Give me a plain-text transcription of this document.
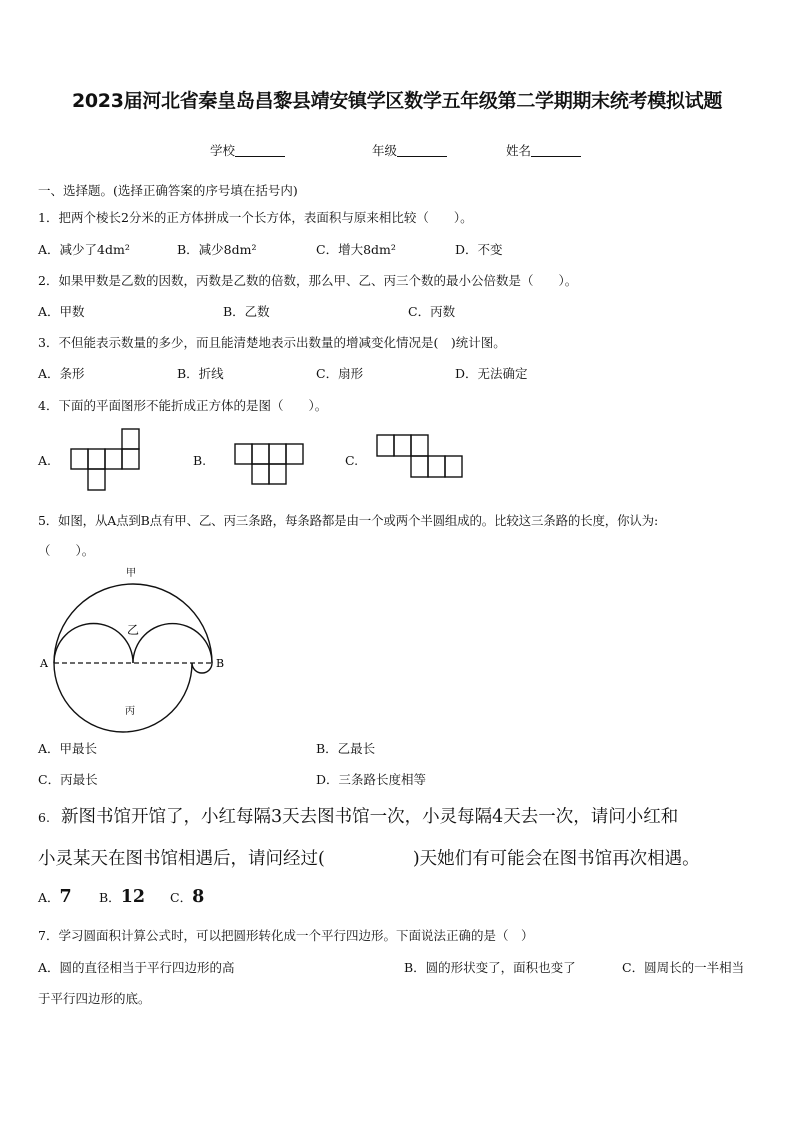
2023届河北省秦皇岛昌黎县靖安镇学区数学五年级第二学期期末统考模拟试题
学校	年级	姓名
一、选择题。(选择正确答案的序号填在括号内)
1．把两个棱长2分米的正方体拼成一个长方体，表面积与原来相比较（　　）。
A．减少了4dm²	B．减少8dm²	C．增大8dm²	D．不变
2．如果甲数是乙数的因数，丙数是乙数的倍数，那么甲、乙、丙三个数的最小公倍数是（　　）。
A．甲数	B．乙数	C．丙数
3．不但能表示数量的多少，而且能清楚地表示出数量的增减变化情况是(　)统计图。
A．条形	B．折线	C．扇形	D．无法确定
4．下面的平面图形不能折成正方体的是图（　　）。
A.	B.	C.
5．如图，从A点到B点有甲、乙、丙三条路，每条路都是由一个或两个半圆组成的。比较这三条路的长度，你认为:
（　　）。
甲
乙
丙
A	B
A．甲最长	B．乙最长
C．丙最长	D．三条路长度相等
6. 新图书馆开馆了，小红每隔3天去图书馆一次，小灵每隔4天去一次，请问小红和
小灵某天在图书馆相遇后，请问经过(	)天她们有可能会在图书馆再次相遇。
A．7 B．12 C．8
7．学习圆面积计算公式时，可以把圆形转化成一个平行四边形。下面说法正确的是（　）
A．圆的直径相当于平行四边形的高	B．圆的形状变了，面积也变了	C．圆周长的一半相当
于平行四边形的底。
